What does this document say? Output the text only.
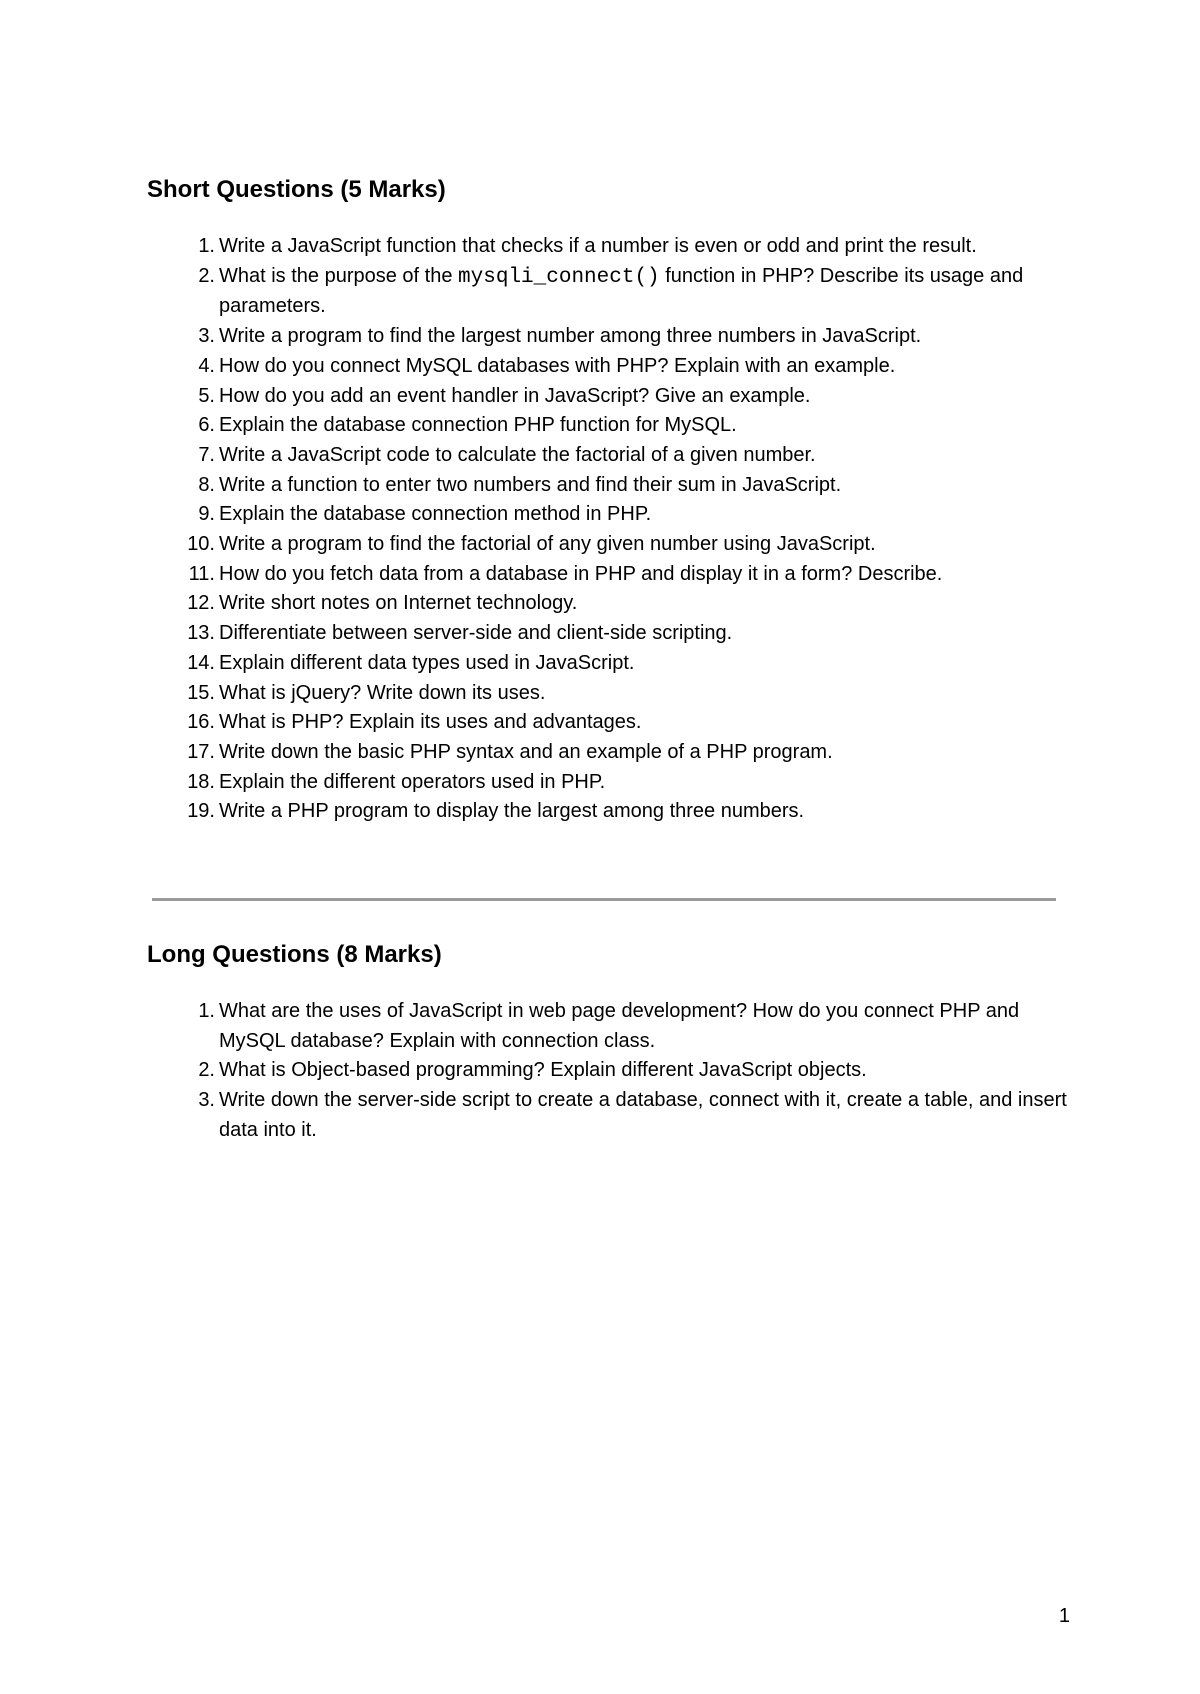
Short Questions (5 Marks)
1. Write a JavaScript function that checks if a number is even or odd and print the result.
2. What is the purpose of the mysqli_connect() function in PHP? Describe its usage and parameters.
3. Write a program to find the largest number among three numbers in JavaScript.
4. How do you connect MySQL databases with PHP? Explain with an example.
5. How do you add an event handler in JavaScript? Give an example.
6. Explain the database connection PHP function for MySQL.
7. Write a JavaScript code to calculate the factorial of a given number.
8. Write a function to enter two numbers and find their sum in JavaScript.
9. Explain the database connection method in PHP.
10. Write a program to find the factorial of any given number using JavaScript.
11. How do you fetch data from a database in PHP and display it in a form? Describe.
12. Write short notes on Internet technology.
13. Differentiate between server-side and client-side scripting.
14. Explain different data types used in JavaScript.
15. What is jQuery? Write down its uses.
16. What is PHP? Explain its uses and advantages.
17. Write down the basic PHP syntax and an example of a PHP program.
18. Explain the different operators used in PHP.
19. Write a PHP program to display the largest among three numbers.
Long Questions (8 Marks)
1. What are the uses of JavaScript in web page development? How do you connect PHP and MySQL database? Explain with connection class.
2. What is Object-based programming? Explain different JavaScript objects.
3. Write down the server-side script to create a database, connect with it, create a table, and insert data into it.
1
